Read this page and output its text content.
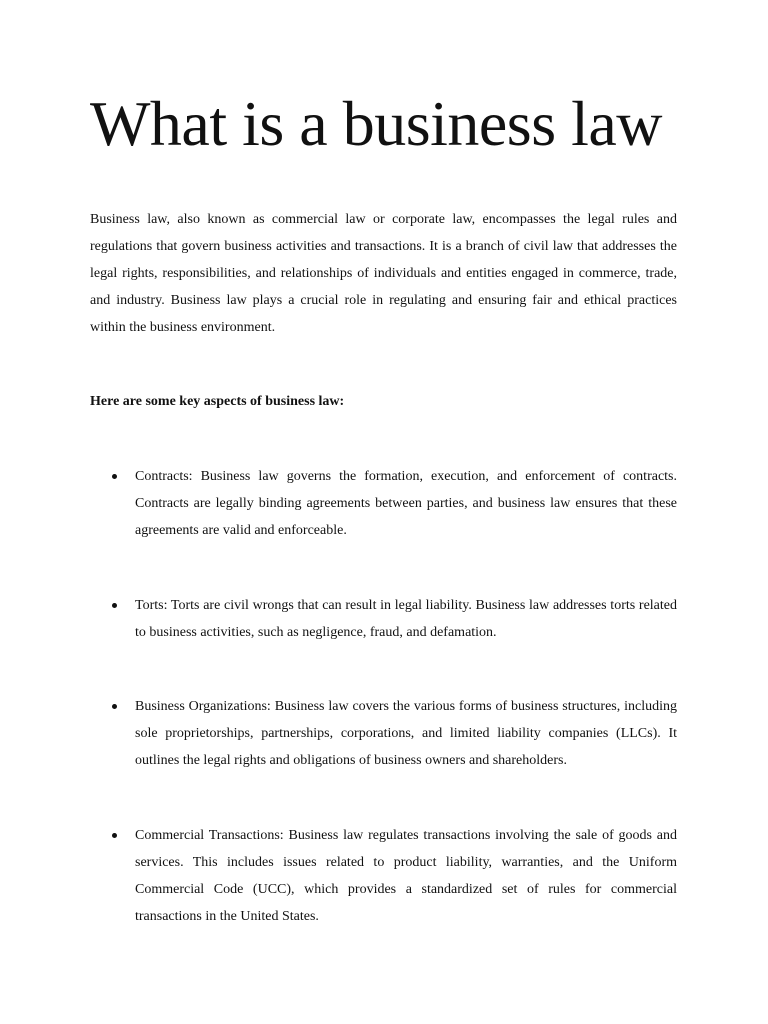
What is a business law

Business law, also known as commercial law or corporate law, encompasses the legal rules and regulations that govern business activities and transactions. It is a branch of civil law that addresses the legal rights, responsibilities, and relationships of individuals and entities engaged in commerce, trade, and industry. Business law plays a crucial role in regulating and ensuring fair and ethical practices within the business environment.

Here are some key aspects of business law:

Contracts: Business law governs the formation, execution, and enforcement of contracts. Contracts are legally binding agreements between parties, and business law ensures that these agreements are valid and enforceable.

Torts: Torts are civil wrongs that can result in legal liability. Business law addresses torts related to business activities, such as negligence, fraud, and defamation.

Business Organizations: Business law covers the various forms of business structures, including sole proprietorships, partnerships, corporations, and limited liability companies (LLCs). It outlines the legal rights and obligations of business owners and shareholders.

Commercial Transactions: Business law regulates transactions involving the sale of goods and services. This includes issues related to product liability, warranties, and the Uniform Commercial Code (UCC), which provides a standardized set of rules for commercial transactions in the United States.
